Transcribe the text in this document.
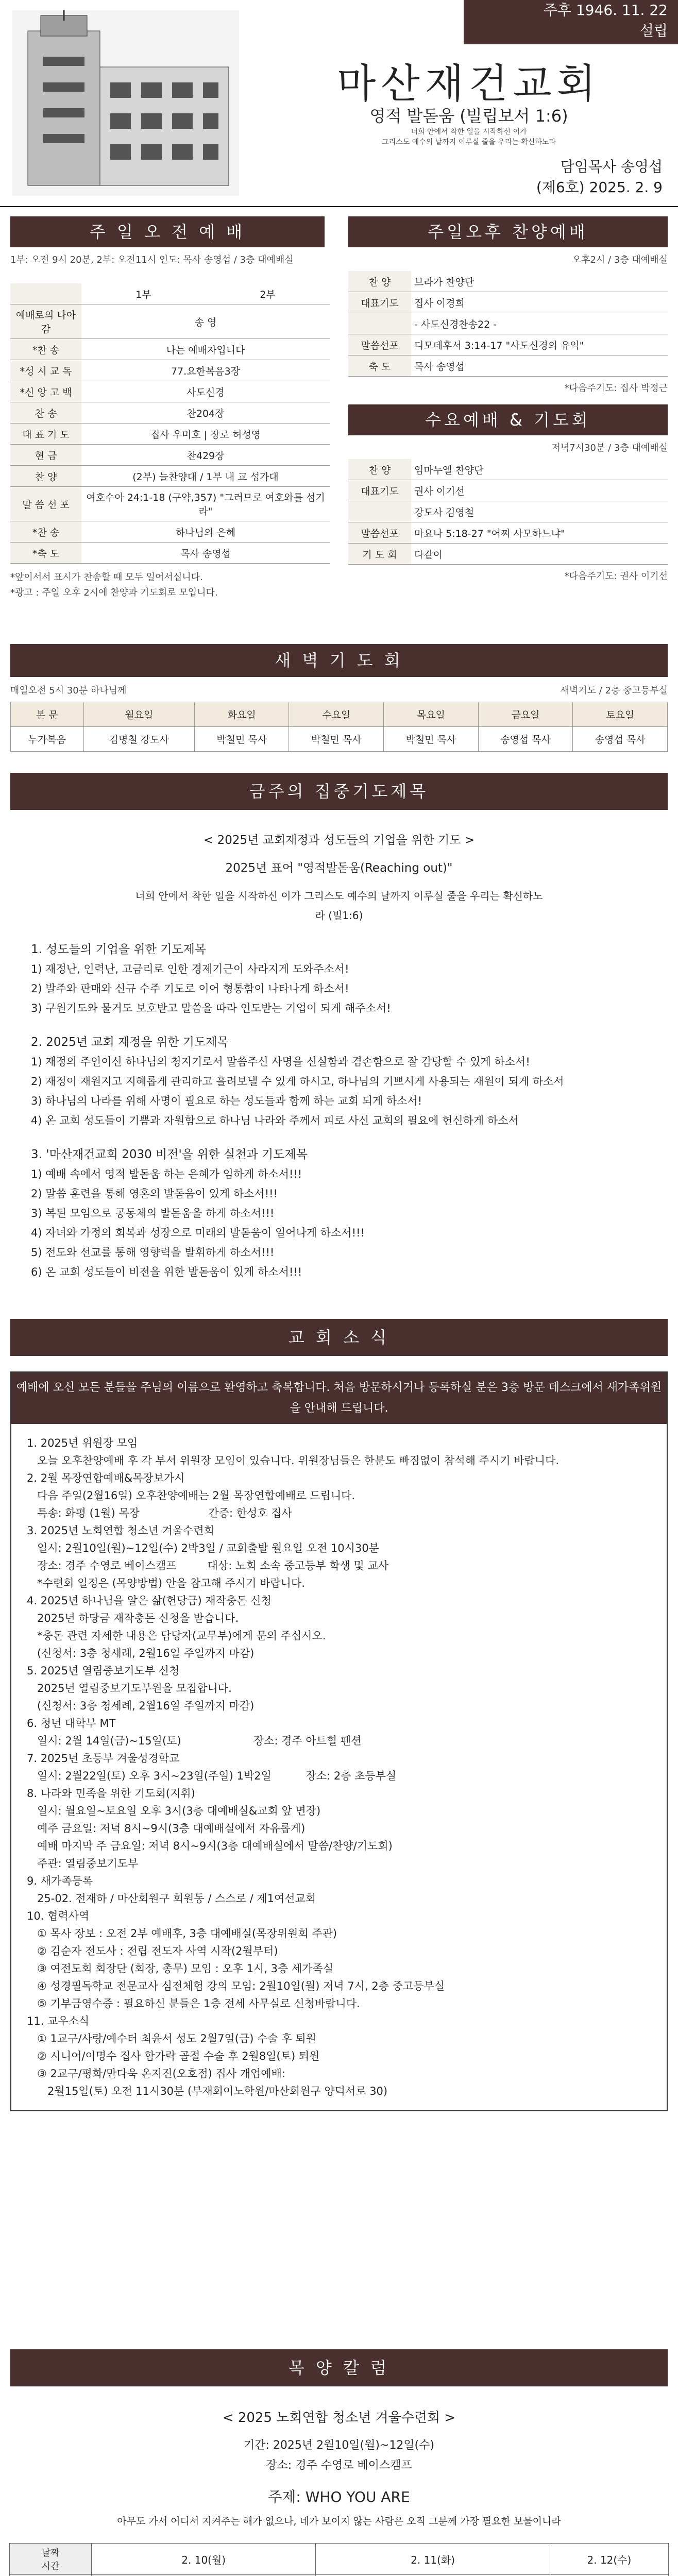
주후 1946. 11. 22
설립
마산재건교회
영적 발돋움 (빌립보서 1:6)
너희 안에서 착한 일을 시작하신 이가
그리스도 예수의 날까지 이루실 줄을 우리는 확신하노라
담임목사 송영섭
(제6호) 2025. 2. 9
주 일 오 전 예 배
1부: 오전 9시 20분, 2부: 오전11시 인도: 목사 송영섭 / 3층 대예배실
	1부	2부
예배로의 나아감	송 영
*찬 송	나는 예배자입니다
*성 시 교 독	77.요한복음3장
*신 앙 고 백	사도신경
찬 송	찬204장
대 표 기 도	집사 우미호 | 장로 허성영
현 금	찬429장
찬 양	(2부) 늘찬양대 / 1부 내 교 성가대
말 씀 선 포	여호수아 24:1-18 (구약,357) "그러므로 여호와를 섬기라"
*찬 송	하나님의 은혜
*축 도	목사 송영섭
*앞이서서 표시가 찬송할 때 모두 일어서십니다.
*광고 : 주일 오후 2시에 찬양과 기도회로 모입니다.
주일오후 찬양예배
오후2시 / 3층 대예배실
찬 양	브라가 찬양단
대표기도	집사 이경희
	- 사도신경찬송22 -
말씀선포	디모데후서 3:14-17 "사도신경의 유익"
축 도	목사 송영섭
*다음주기도: 집사 박정근
수요예배 & 기도회
저녁7시30분 / 3층 대예배실
찬 양	임마누엘 찬양단
대표기도	권사 이기선
	강도사 김영철
말씀선포	마요나 5:18-27 "어찌 사모하느냐"
기 도 회	다같이
*다음주기도: 권사 이기선
새 벽 기 도 회
매일오전 5시 30분 하나님께	새벽기도 / 2층 중고등부실
본 문	월요일	화요일	수요일	목요일	금요일	토요일
누가복음	김명철 강도사	박철민 목사	박철민 목사	박철민 목사	송영섭 목사	송영섭 목사
금주의 집중기도제목
< 2025년 교회재정과 성도들의 기업을 위한 기도 >
2025년 표어 "영적발돋움(Reaching out)"
너희 안에서 착한 일을 시작하신 이가 그리스도 예수의 날까지 이루실 줄을 우리는 확신하노라 (빌1:6)
1. 성도들의 기업을 위한 기도제목
1) 재정난, 인력난, 고금리로 인한 경제기근이 사라지게 도와주소서!
2) 발주와 판매와 신규 수주 기도로 이어 형통함이 나타나게 하소서!
3) 구원기도와 물거도 보호받고 말씀을 따라 인도받는 기업이 되게 해주소서!
2. 2025년 교회 재정을 위한 기도제목
1) 재정의 주인이신 하나님의 청지기로서 말씀주신 사명을 신실함과 겸손함으로 잘 감당할 수 있게 하소서!
2) 재정이 재원지고 지혜롭게 관리하고 흘려보낼 수 있게 하시고, 하나님의 기쁘시게 사용되는 재원이 되게 하소서
3) 하나님의 나라를 위해 사명이 필요로 하는 성도들과 함께 하는 교회 되게 하소서!
4) 온 교회 성도들이 기쁨과 자원함으로 하나님 나라와 주께서 피로 사신 교회의 필요에 헌신하게 하소서
3. '마산재건교회 2030 비전'을 위한 실천과 기도제목
1) 예배 속에서 영적 발돋움 하는 은혜가 임하게 하소서!!!
2) 말씀 훈련을 통해 영혼의 발돋움이 있게 하소서!!!
3) 복된 모임으로 공동체의 발돋움을 하게 하소서!!!
4) 자녀와 가정의 회복과 성장으로 미래의 발돋움이 일어나게 하소서!!!
5) 전도와 선교를 통해 영향력을 발휘하게 하소서!!!
6) 온 교회 성도들이 비전을 위한 발돋움이 있게 하소서!!!
교 회 소 식
예배에 오신 모든 분들을 주님의 이름으로 환영하고 축복합니다. 처음 방문하시거나 등록하실 분은 3층 방문 데스크에서 새가족위원을 안내해 드립니다.
1. 2025년 위원장 모임
오늘 오후찬양예배 후 각 부서 위원장 모임이 있습니다. 위원장님들은 한분도 빠짐없이 참석해 주시기 바랍니다.
2. 2월 목장연합예배&목장보가시
다음 주일(2월16일) 오후찬양예배는 2월 목장연합예배로 드립니다.
특송: 화평 (1월) 목장                    간증: 한성호 집사
3. 2025년 노회연합 청소년 겨울수련회
일시: 2월10일(월)~12일(수) 2박3일 / 교회출발 월요일 오전 10시30분
장소: 경주 수영로 베이스캠프         대상: 노회 소속 중고등부 학생 및 교사
*수련회 일정은 (목양방법) 안을 참고해 주시기 바랍니다.
4. 2025년 하나님을 알은 삶(헌당금) 재작충돈 신청
2025년 하당금 재작충돈 신청을 받습니다.
*충돈 관련 자세한 내용은 담당자(교무부)에게 문의 주십시오.
(신청서: 3층 청세례, 2월16일 주일까지 마감)
5. 2025년 열림중보기도부 신청
2025년 열림중보기도부원을 모집합니다.
(신청서: 3층 청세례, 2월16일 주일까지 마감)
6. 청년 대학부 MT
일시: 2월 14일(금)~15일(토)                     장소: 경주 아트힐 펜션
7. 2025년 초등부 겨울성경학교
일시: 2월22일(토) 오후 3시~23일(주일) 1박2일          장소: 2층 초등부실
8. 나라와 민족을 위한 기도회(지휘)
일시: 월요일~토요일 오후 3시(3층 대예배실&교회 앞 면장)
예주 금요일: 저녁 8시~9시(3층 대예배실에서 자유롭게)
예배 마지막 주 금요일: 저녁 8시~9시(3층 대예배실에서 말씀/찬양/기도회)
주관: 열림중보기도부
9. 새가족등록
25-02. 전재하 / 마산회원구 회원동 / 스스로 / 제1여선교회
10. 협력사역
① 목사 장보 : 오전 2부 예배후, 3층 대예배실(목장위원회 주관)
② 김순자 전도사 : 전립 전도자 사역 시작(2월부터)
③ 여전도회 회장단 (회장, 총무) 모임 : 오후 1시, 3층 세가족실
④ 성경필독학교 전문교사 심전체험 강의 모임: 2월10일(월) 저녁 7시, 2층 중고등부실
⑤ 기부금영수증 : 필요하신 분들은 1층 전세 사무실로 신청바랍니다.
11. 교우소식
① 1교구/사랑/예수터 최윤서 성도 2월7일(금) 수술 후 퇴원
② 시니어/이명수 집사 함가락 골절 수술 후 2월8일(토) 퇴원
③ 2교구/평화/만다욱 온지진(오호점) 집사 개업예배:
2월15일(토) 오전 11시30분 (부재회이노학원/마산회원구 양덕서로 30)
목 양 칼 럼
< 2025 노회연합 청소년 겨울수련회 >
기간: 2025년 2월10일(월)~12일(수)
장소: 경주 수영로 베이스캠프
주제: WHO YOU ARE
아무도 가서 어디서 지켜주는 해가 없으나, 네가 보이지 않는 사람은 오직 그분께 가장 필요한 보물이니라
날짜
시간	2. 10(월)	2. 11(화)	2. 12(수)
